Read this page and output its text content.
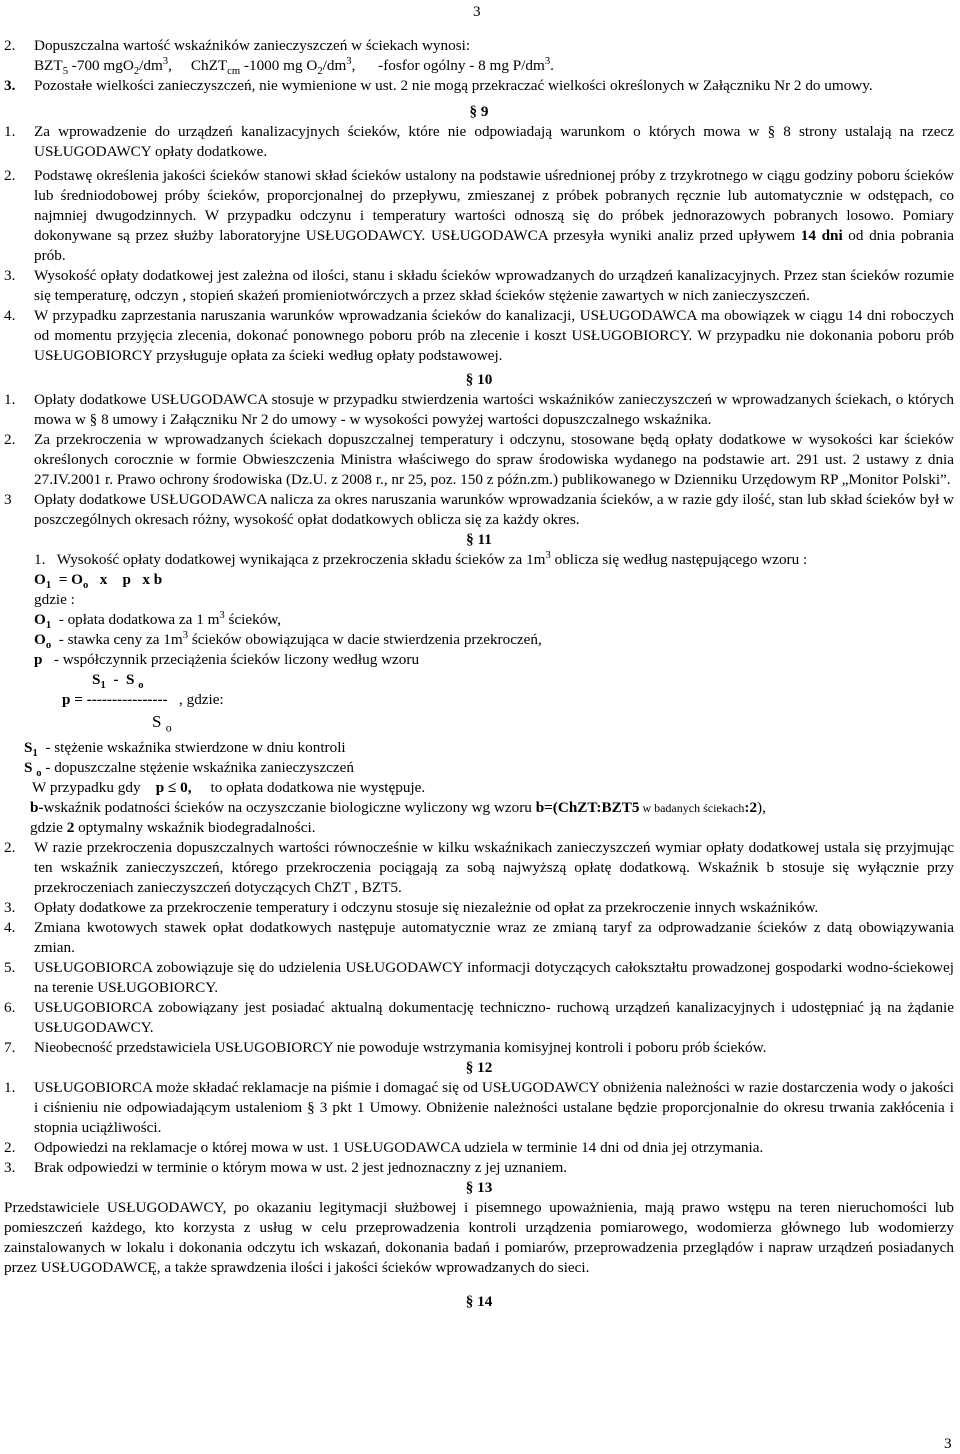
3

2. Dopuszczalna wartość wskaźników zanieczyszczeń w ściekach wynosi:
$BZT_5$ -700 $mgO_2/dm^3$,     ChZT$_{cm}$ -1000 mg $O_2/dm^3$,      -fosfor ogólny - 8 mg $P/dm^3$.

3. Pozostałe wielkości zanieczyszczeń, nie wymienione w ust. 2 nie mogą przekraczać wielkości określonych w Załączniku Nr 2 do umowy.

§ 9

1. Za wprowadzenie do urządzeń kanalizacyjnych ścieków, które nie odpowiadają warunkom o których mowa w § 8 strony ustalają na rzecz USŁUGODAWCY opłaty dodatkowe.

2. Podstawę określenia jakości ścieków stanowi skład ścieków ustalony na podstawie uśrednionej próby z trzykrotnego w ciągu godziny poboru ścieków lub średniodobowej próby ścieków, proporcjonalnej do przepływu, zmieszanej z próbek pobranych ręcznie lub automatycznie w odstępach, co najmniej dwugodzinnych. W przypadku odczynu i temperatury wartości odnoszą się do próbek jednorazowych pobranych losowo. Pomiary dokonywane są przez służby laboratoryjne USŁUGODAWCY. USŁUGODAWCA przesyła wyniki analiz przed upływem 14 dni od dnia pobrania prób.

3. Wysokość opłaty dodatkowej jest zależna od ilości, stanu i składu ścieków wprowadzanych do urządzeń kanalizacyjnych. Przez stan ścieków rozumie się temperaturę, odczyn , stopień skażeń promieniotwórczych a przez skład ścieków stężenie zawartych w nich zanieczyszczeń.

4. W przypadku zaprzestania naruszania warunków wprowadzania ścieków do kanalizacji, USŁUGODAWCA ma obowiązek w ciągu 14 dni roboczych od momentu przyjęcia zlecenia, dokonać ponownego poboru prób na zlecenie i koszt USŁUGOBIORCY. W przypadku nie dokonania poboru prób USŁUGOBIORCY przysługuje opłata za ścieki według opłaty podstawowej.

§ 10

1. Opłaty dodatkowe USŁUGODAWCA stosuje w przypadku stwierdzenia wartości wskaźników zanieczyszczeń w wprowadzanych ściekach, o których mowa w § 8 umowy i Załączniku Nr 2 do umowy - w wysokości powyżej wartości dopuszczalnego wskaźnika.

2. Za przekroczenia w wprowadzanych ściekach dopuszczalnej temperatury i odczynu, stosowane będą opłaty dodatkowe w wysokości kar ścieków określonych corocznie w formie Obwieszczenia Ministra właściwego do spraw środowiska wydanego na podstawie art. 291 ust. 2 ustawy z dnia 27.IV.2001 r. Prawo ochrony środowiska (Dz.U. z 2008 r., nr 25, poz. 150 z późn.zm.) publikowanego w Dzienniku Urzędowym RP „Monitor Polski”.

3 Opłaty dodatkowe USŁUGODAWCA nalicza za okres naruszania warunków wprowadzania ścieków, a w razie gdy ilość, stan lub skład ścieków był w poszczególnych okresach różny, wysokość opłat dodatkowych oblicza się za każdy okres.

§ 11

1.   Wysokość opłaty dodatkowej wynikająca z przekroczenia składu ścieków za $1m^3$ oblicza się według następującego wzoru :

$O_1 = O_o$   x    p   x b

gdzie :

$O_1$  - opłata dodatkowa za 1 $m^3$ ścieków,

$O_o$  - stawka ceny za $1m^3$ ścieków obowiązująca w dacie stwierdzenia przekroczeń,

p - współczynnik przeciążenia ścieków liczony według wzoru

$S_1$  -  S $_o$

p = ---------------- , gdzie:

S $_o$

$S_1$ - stężenie wskaźnika stwierdzone w dniu kontroli

S $_o$ - dopuszczalne stężenie wskaźnika zanieczyszczeń

W przypadku gdy p ≤ 0, to opłata dodatkowa nie występuje.

b-wskaźnik podatności ścieków na oczyszczanie biologiczne wyliczony wg wzoru b=(ChZT:BZT5 w badanych ściekach:2),

gdzie 2 optymalny wskaźnik biodegradalności.

2. W razie przekroczenia dopuszczalnych wartości równocześnie w kilku wskaźnikach zanieczyszczeń wymiar opłaty dodatkowej ustala się przyjmując ten wskaźnik zanieczyszczeń, którego przekroczenia pociągają za sobą najwyższą opłatę dodatkową. Wskaźnik b stosuje się wyłącznie przy przekroczeniach zanieczyszczeń dotyczących ChZT , BZT5.

3. Opłaty dodatkowe za przekroczenie temperatury i odczynu stosuje się niezależnie od opłat za przekroczenie innych wskaźników.

4. Zmiana kwotowych stawek opłat dodatkowych następuje automatycznie wraz ze zmianą taryf za odprowadzanie ścieków z datą obowiązywania zmian.

5. USŁUGOBIORCA zobowiązuje się do udzielenia USŁUGODAWCY informacji dotyczących całokształtu prowadzonej gospodarki wodno-ściekowej na terenie USŁUGOBIORCY.

6. USŁUGOBIORCA zobowiązany jest posiadać aktualną dokumentację techniczno- ruchową urządzeń kanalizacyjnych i udostępniać ją na żądanie USŁUGODAWCY.

7. Nieobecność przedstawiciela USŁUGOBIORCY nie powoduje wstrzymania komisyjnej kontroli i poboru prób ścieków.

§ 12

1. USŁUGOBIORCA może składać reklamacje na piśmie i domagać się od USŁUGODAWCY obniżenia należności w razie dostarczenia wody o jakości i ciśnieniu nie odpowiadającym ustaleniom § 3 pkt 1 Umowy. Obniżenie należności ustalane będzie proporcjonalnie do okresu trwania zakłócenia i stopnia uciążliwości.

2. Odpowiedzi na reklamacje o której mowa w ust. 1 USŁUGODAWCA udziela w terminie 14 dni od dnia jej otrzymania.

3. Brak odpowiedzi w terminie o którym mowa w ust. 2 jest jednoznaczny z jej uznaniem.

§ 13

Przedstawiciele USŁUGODAWCY, po okazaniu legitymacji służbowej i pisemnego upoważnienia, mają prawo wstępu na teren nieruchomości lub pomieszczeń każdego, kto korzysta z usług w celu przeprowadzenia kontroli urządzenia pomiarowego, wodomierza głównego lub wodomierzy zainstalowanych w lokalu i dokonania odczytu ich wskazań, dokonania badań i pomiarów, przeprowadzenia przeglądów i napraw urządzeń posiadanych przez USŁUGODAWCĘ, a także sprawdzenia ilości i jakości ścieków wprowadzanych do sieci.

§ 14

3
